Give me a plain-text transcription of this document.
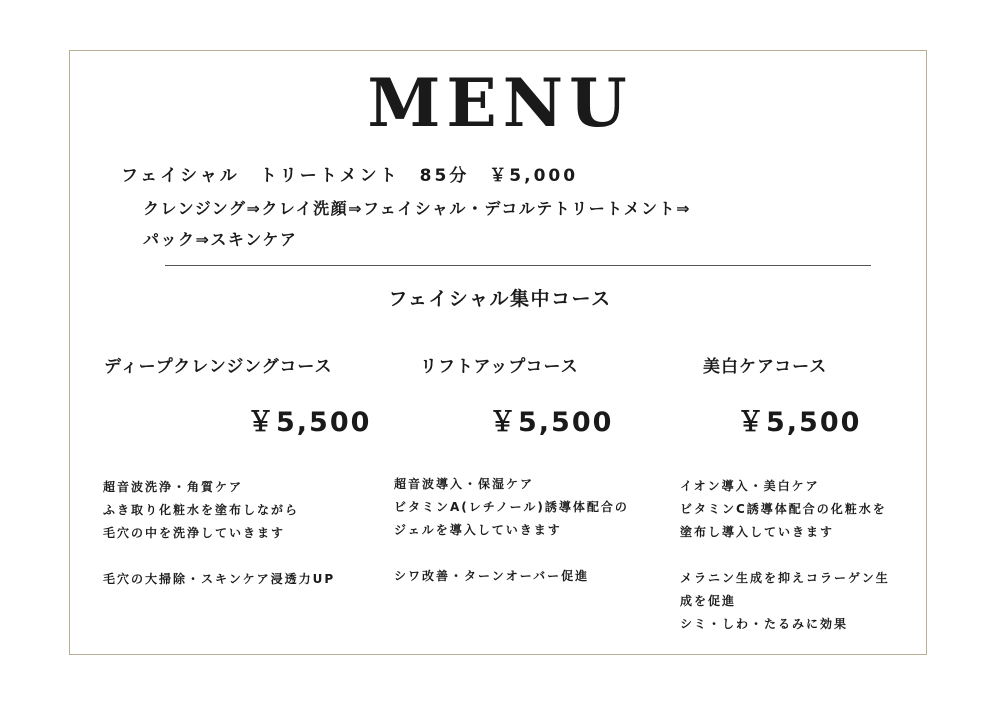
MENU
フェイシャル　トリートメント　85分　￥5,000
クレンジング⇒クレイ洗顔⇒フェイシャル・デコルテトリートメント⇒
パック⇒スキンケア
フェイシャル集中コース
ディープクレンジングコース
￥5,500
超音波洗浄・角質ケア
ふき取り化粧水を塗布しながら
毛穴の中を洗浄していきます
毛穴の大掃除・スキンケア浸透力UP
リフトアップコース
￥5,500
超音波導入・保湿ケア
ビタミンA(レチノール)誘導体配合の
ジェルを導入していきます
シワ改善・ターンオーバー促進
美白ケアコース
￥5,500
イオン導入・美白ケア
ビタミンC誘導体配合の化粧水を
塗布し導入していきます
メラニン生成を抑えコラーゲン生
成を促進
シミ・しわ・たるみに効果
